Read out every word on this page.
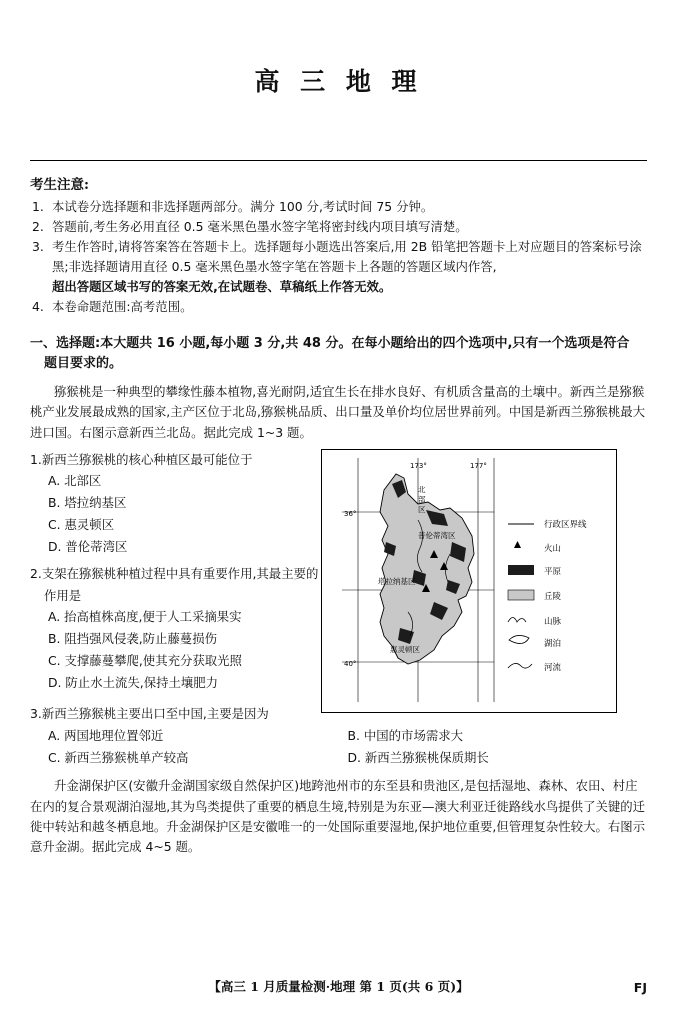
高 三 地 理
考生注意:
1. 本试卷分选择题和非选择题两部分。满分 100 分,考试时间 75 分钟。
2. 答题前,考生务必用直径 0.5 毫米黑色墨水签字笔将密封线内项目填写清楚。
3. 考生作答时,请将答案答在答题卡上。选择题每小题选出答案后,用 2B 铅笔把答题卡上对应题目的答案标号涂黑;非选择题请用直径 0.5 毫米黑色墨水签字笔在答题卡上各题的答题区域内作答,
超出答题区域书写的答案无效,在试题卷、草稿纸上作答无效。
4. 本卷命题范围:高考范围。
一、选择题:本大题共 16 小题,每小题 3 分,共 48 分。在每小题给出的四个选项中,只有一个选项是符合
题目要求的。
猕猴桃是一种典型的攀缘性藤本植物,喜光耐阴,适宜生长在排水良好、有机质含量高的土壤中。新西兰是猕猴桃产业发展最成熟的国家,主产区位于北岛,猕猴桃品质、出口量及单价均位居世界前列。中国是新西兰猕猴桃最大进口国。右图示意新西兰北岛。据此完成 1~3 题。
173°	177°
36°
40°
北
部
区
普伦蒂湾区
塔拉纳基区
惠灵顿区
行政区界线
火山
平原
丘陵
山脉
湖泊
河流
1.新西兰猕猴桃的核心种植区最可能位于
A. 北部区
B. 塔拉纳基区
C. 惠灵顿区
D. 普伦蒂湾区
2.支架在猕猴桃种植过程中具有重要作用,其最主要的
作用是
A. 抬高植株高度,便于人工采摘果实
B. 阻挡强风侵袭,防止藤蔓损伤
C. 支撑藤蔓攀爬,使其充分获取光照
D. 防止水土流失,保持土壤肥力
3.新西兰猕猴桃主要出口至中国,主要是因为
A. 两国地理位置邻近	B. 中国的市场需求大
C. 新西兰猕猴桃单产较高	D. 新西兰猕猴桃保质期长
升金湖保护区(安徽升金湖国家级自然保护区)地跨池州市的东至县和贵池区,是包括湿地、森林、农田、村庄在内的复合景观湖泊湿地,其为鸟类提供了重要的栖息生境,特别是为东亚—澳大利亚迁徙路线水鸟提供了关键的迁徙中转站和越冬栖息地。升金湖保护区是安徽唯一的一处国际重要湿地,保护地位重要,但管理复杂性较大。右图示意升金湖。据此完成 4~5 题。
【高三 1 月质量检测·地理 第 1 页(共 6 页)】	FJ
